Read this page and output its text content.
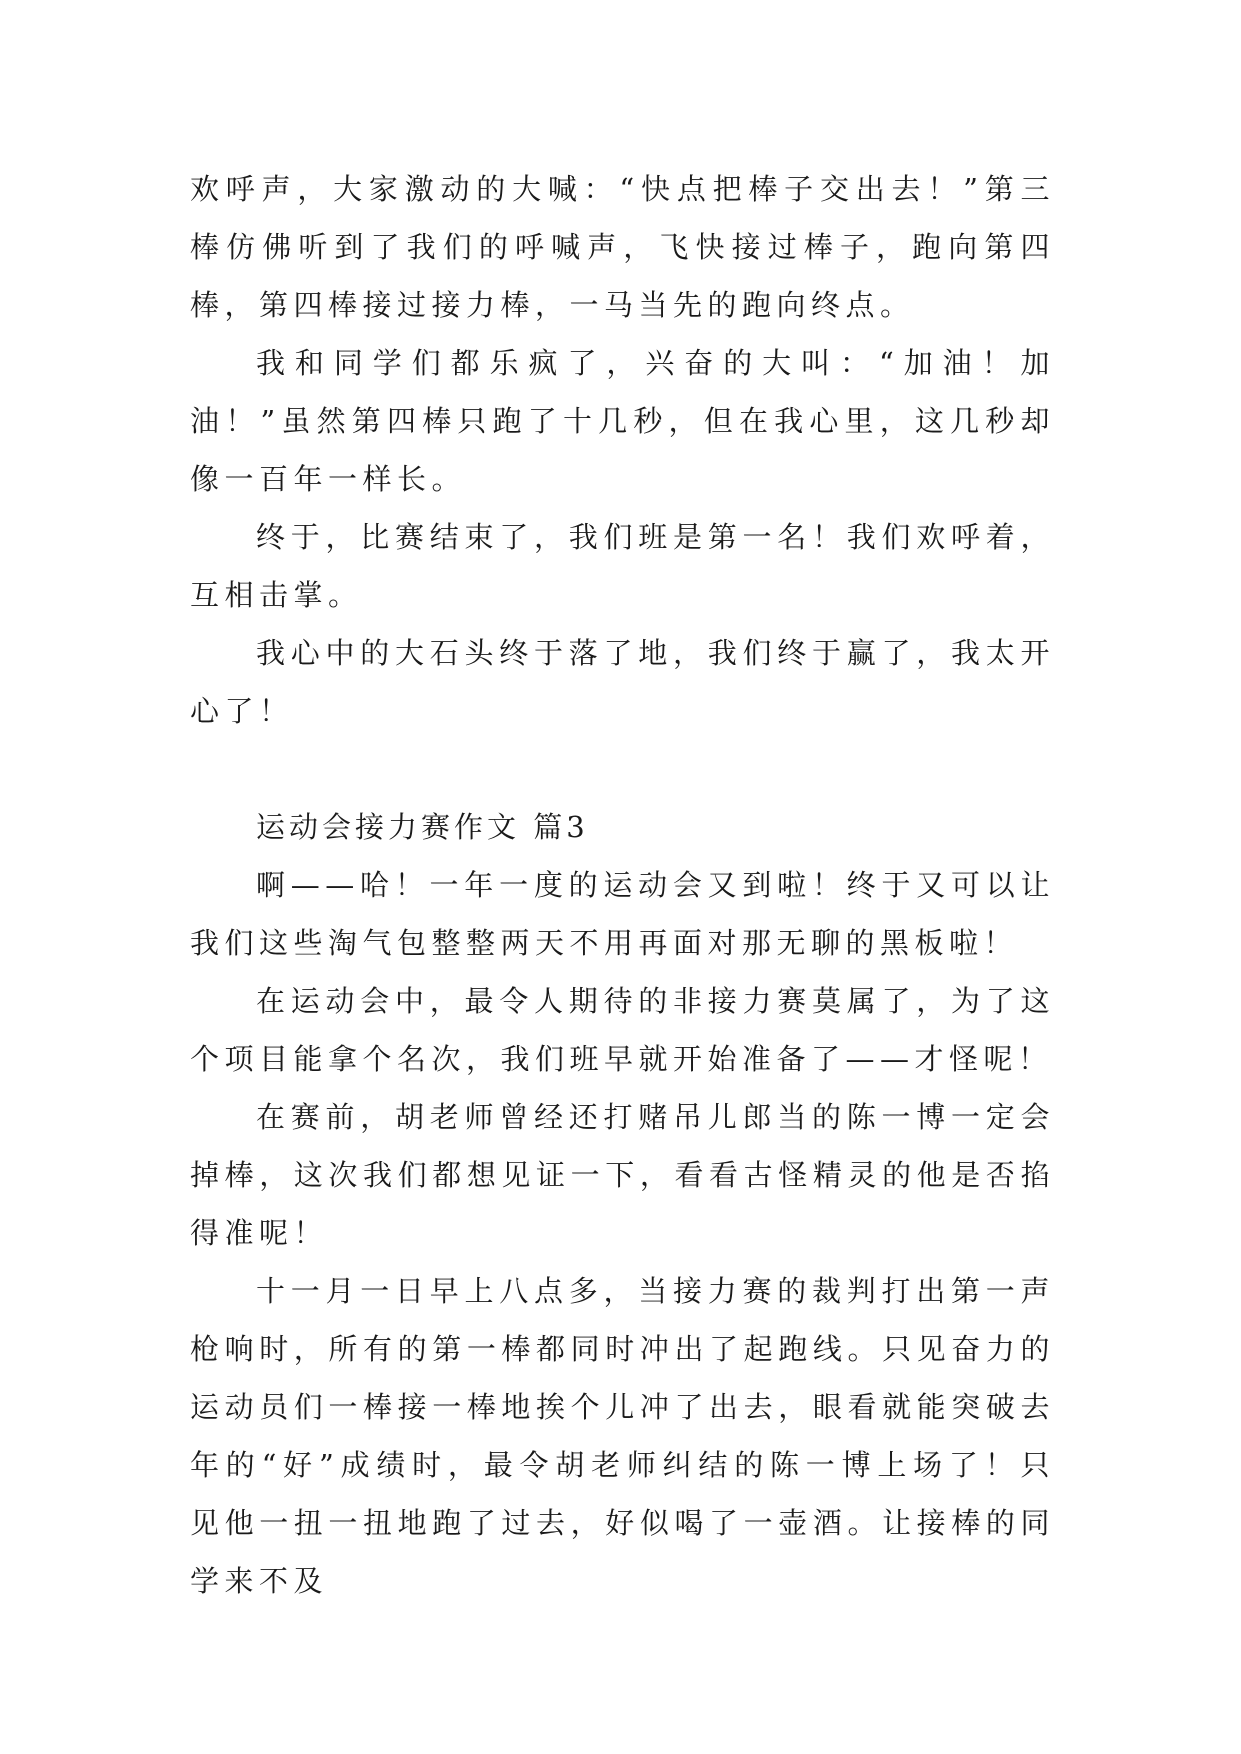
欢呼声，大家激动的大喊：“快点把棒子交出去！”第三棒仿佛听到了我们的呼喊声，飞快接过棒子，跑向第四棒，第四棒接过接力棒，一马当先的跑向终点。

我和同学们都乐疯了，兴奋的大叫：“加油！加油！”虽然第四棒只跑了十几秒，但在我心里，这几秒却像一百年一样长。

终于，比赛结束了，我们班是第一名！我们欢呼着，互相击掌。

我心中的大石头终于落了地，我们终于赢了，我太开心了！

运动会接力赛作文 篇3

啊——哈！一年一度的运动会又到啦！终于又可以让我们这些淘气包整整两天不用再面对那无聊的黑板啦！

在运动会中，最令人期待的非接力赛莫属了，为了这个项目能拿个名次，我们班早就开始准备了——才怪呢！

在赛前，胡老师曾经还打赌吊儿郎当的陈一博一定会掉棒，这次我们都想见证一下，看看古怪精灵的他是否掐得准呢！

十一月一日早上八点多，当接力赛的裁判打出第一声枪响时，所有的第一棒都同时冲出了起跑线。只见奋力的运动员们一棒接一棒地挨个儿冲了出去，眼看就能突破去年的“好”成绩时，最令胡老师纠结的陈一博上场了！只见他一扭一扭地跑了过去，好似喝了一壶酒。让接棒的同学来不及
